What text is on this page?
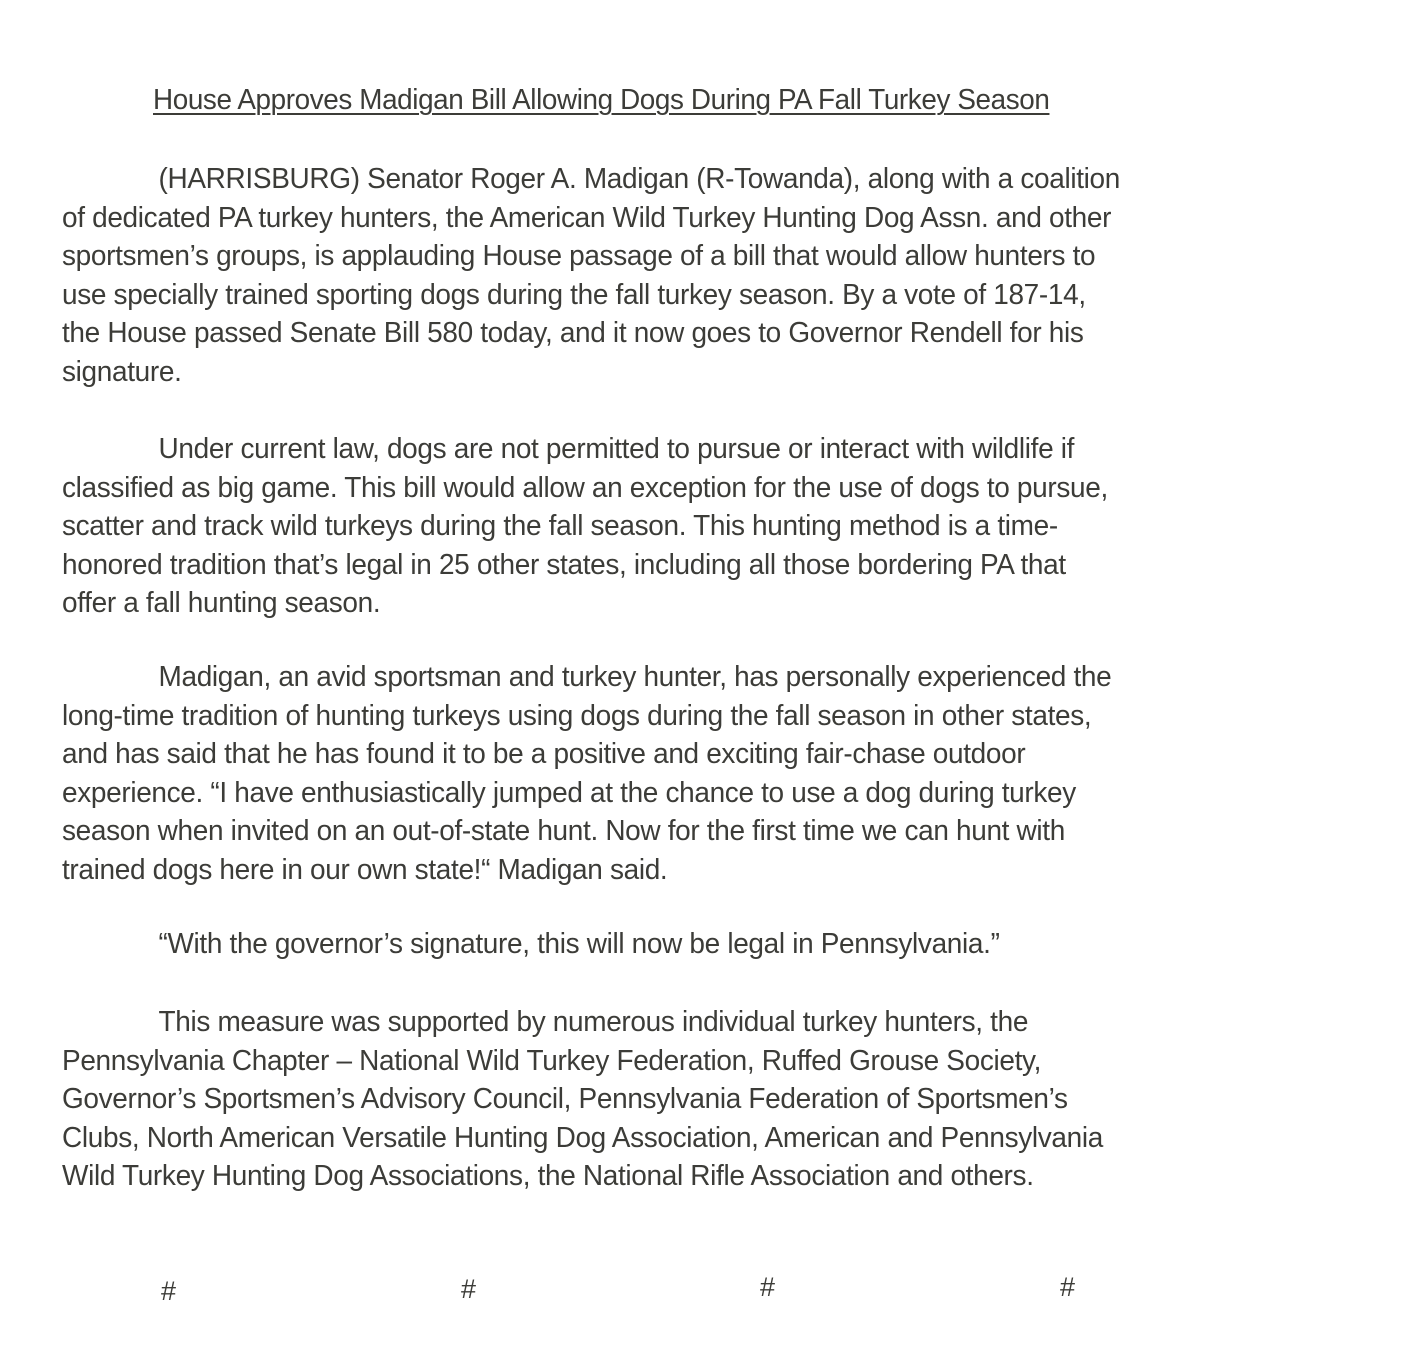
House Approves Madigan Bill Allowing Dogs During PA Fall Turkey Season
(HARRISBURG) Senator Roger A. Madigan (R-Towanda), along with a coalition
of dedicated PA turkey hunters, the American Wild Turkey Hunting Dog Assn. and other
sportsmen’s groups, is applauding House passage of a bill that would allow hunters to
use specially trained sporting dogs during the fall turkey season. By a vote of 187-14,
the House passed Senate Bill 580 today, and it now goes to Governor Rendell for his
signature.
Under current law, dogs are not permitted to pursue or interact with wildlife if
classified as big game. This bill would allow an exception for the use of dogs to pursue,
scatter and track wild turkeys during the fall season. This hunting method is a time-
honored tradition that’s legal in 25 other states, including all those bordering PA that
offer a fall hunting season.
Madigan, an avid sportsman and turkey hunter, has personally experienced the
long-time tradition of hunting turkeys using dogs during the fall season in other states,
and has said that he has found it to be a positive and exciting fair-chase outdoor
experience. “I have enthusiastically jumped at the chance to use a dog during turkey
season when invited on an out-of-state hunt. Now for the first time we can hunt with
trained dogs here in our own state!“ Madigan said.
“With the governor’s signature, this will now be legal in Pennsylvania.”
This measure was supported by numerous individual turkey hunters, the
Pennsylvania Chapter – National Wild Turkey Federation, Ruffed Grouse Society,
Governor’s Sportsmen’s Advisory Council, Pennsylvania Federation of Sportsmen’s
Clubs, North American Versatile Hunting Dog Association, American and Pennsylvania
Wild Turkey Hunting Dog Associations, the National Rifle Association and others.
#	#	#	#
